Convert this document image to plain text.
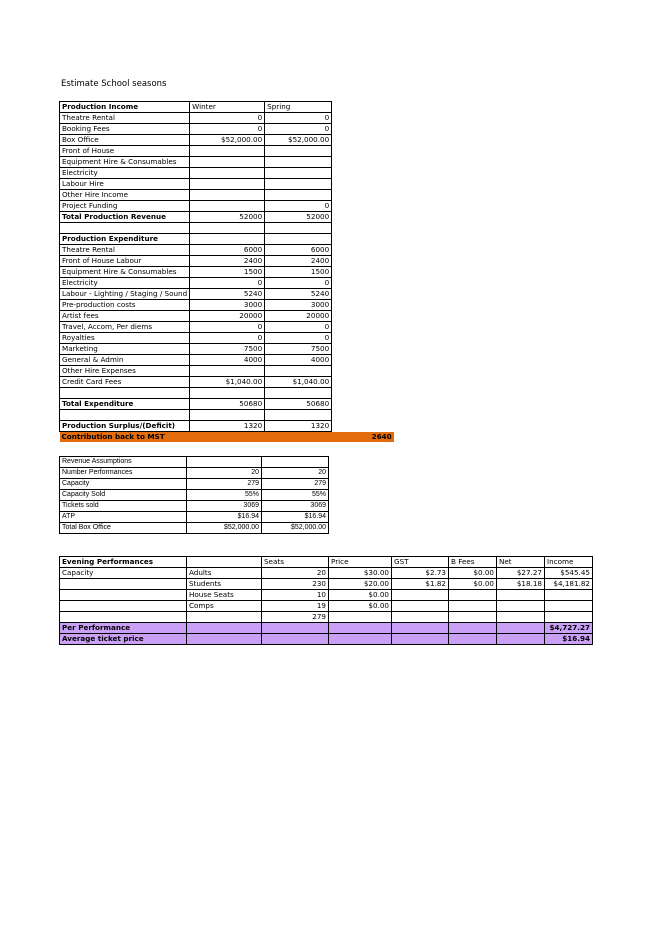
Estimate School seasons
Production Income	Winter	Spring	
Theatre Rental	0	0	
Booking Fees	0	0	
Box Office	$52,000.00	$52,000.00	
Front of House			
Equipment Hire & Consumables			
Electricity			
Labour Hire			
Other Hire Income			
Project Funding		0	
Total Production Revenue	52000	52000	

Production Expenditure			
Theatre Rental	6000	6000	
Front of House Labour	2400	2400	
Equipment Hire & Consumables	1500	1500	
Electricity	0	0	
Labour - Lighting / Staging / Sound	5240	5240	
Pre-production costs	3000	3000	
Artist fees	20000	20000	
Travel, Accom, Per diems	0	0	
Royalties	0	0	
Marketing	7500	7500	
General & Admin	4000	4000	
Other Hire Expenses			
Credit Card Fees	$1,040.00	$1,040.00	

Total Expenditure	50680	50680	

Production Surplus/(Deficit)	1320	1320	
Contribution back to MST			2640
Revenue Assumptions		
Number Performances	20	20
Capacity	279	279
Capacity Sold	55%	55%
Tickets sold	3069	3069
ATP	$16.94	$16.94
Total Box Office	$52,000.00	$52,000.00
Evening Performances		Seats	Price	GST	B Fees	Net	Income
Capacity	Adults	20	$30.00	$2.73	$0.00	$27.27	$545.45
	Students	230	$20.00	$1.82	$0.00	$18.18	$4,181.82
	House Seats	10	$0.00				
	Comps	19	$0.00				
		279					
Per Performance							$4,727.27
Average ticket price							$16.94
